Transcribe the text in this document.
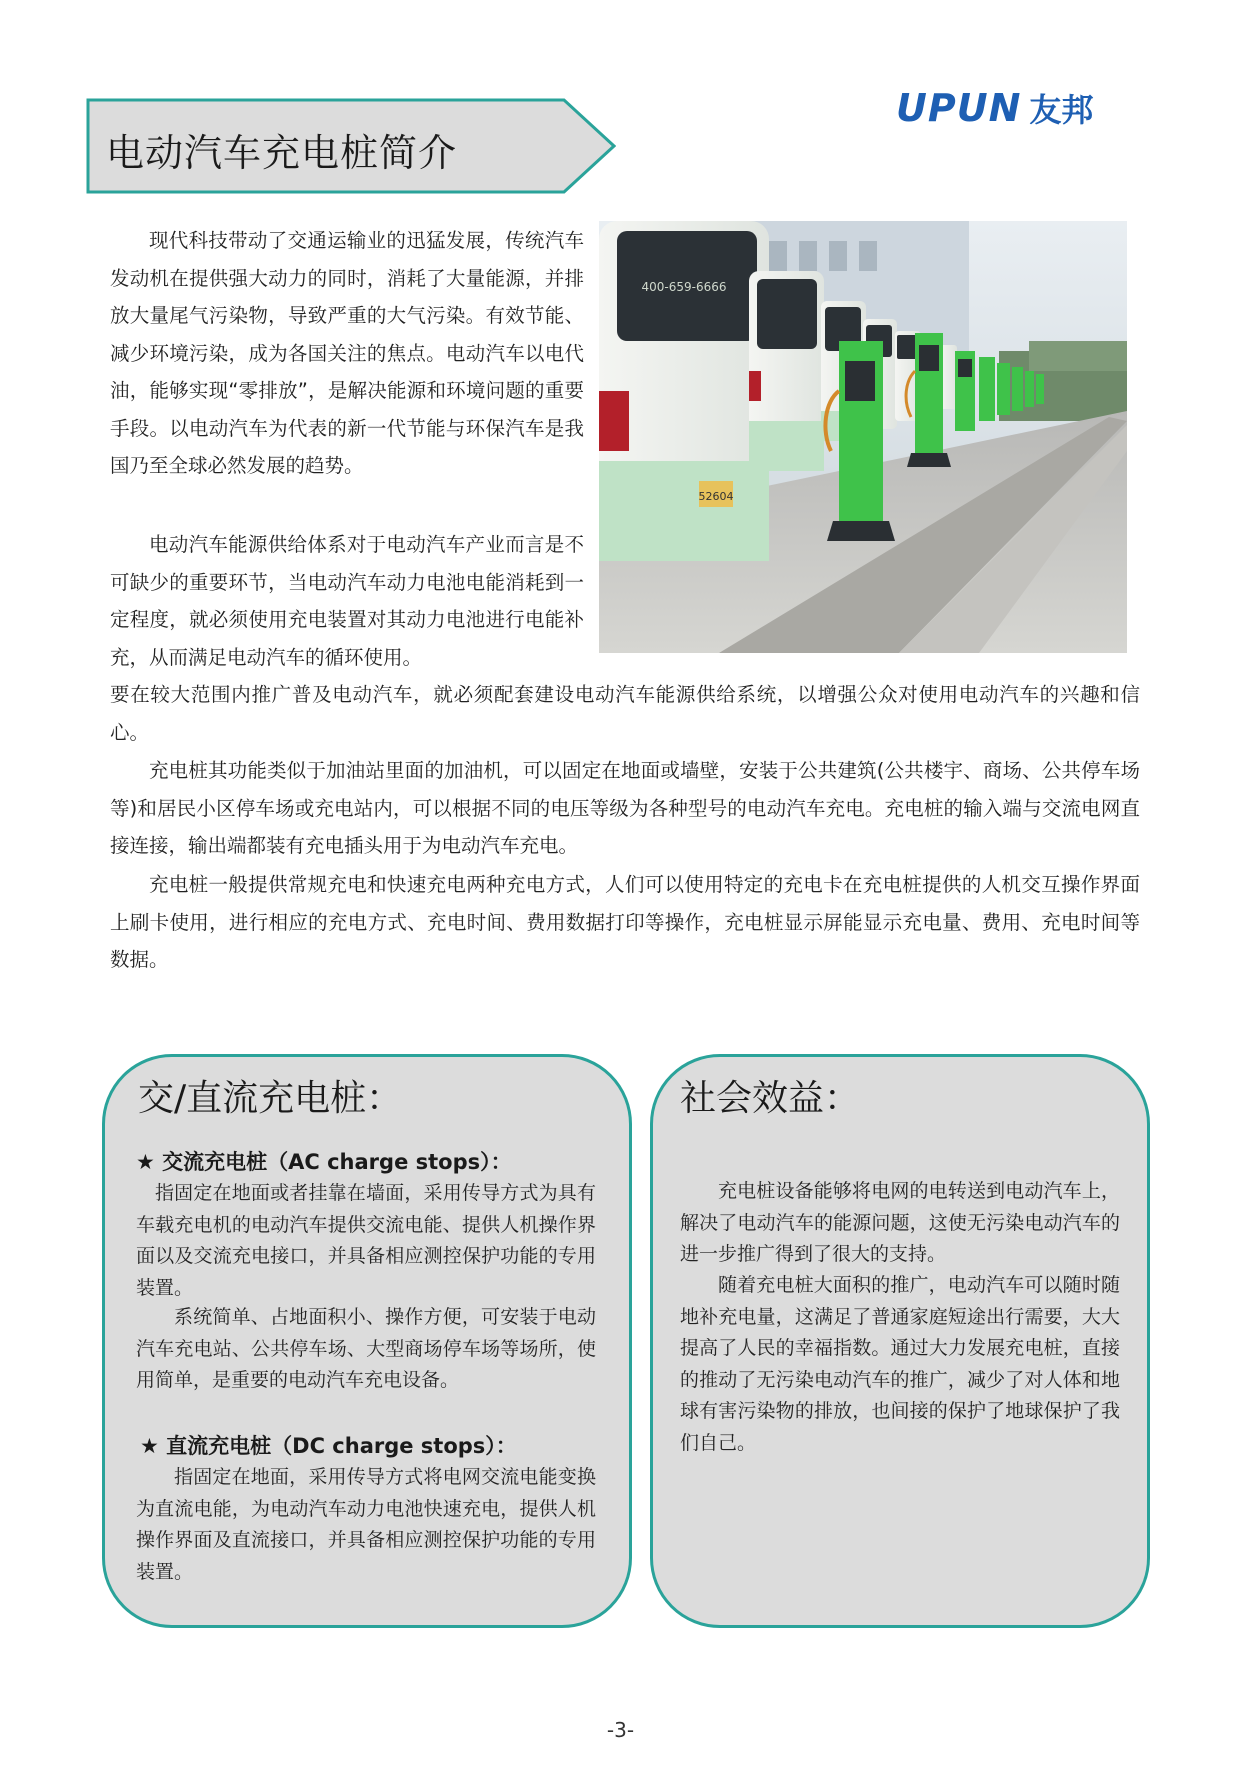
电动汽车充电桩简介
UPUN 友邦
现代科技带动了交通运输业的迅猛发展，传统汽车发动机在提供强大动力的同时，消耗了大量能源，并排放大量尾气污染物，导致严重的大气污染。有效节能、减少环境污染，成为各国关注的焦点。电动汽车以电代油，能够实现“零排放”，是解决能源和环境问题的重要手段。以电动汽车为代表的新一代节能与环保汽车是我国乃至全球必然发展的趋势。
电动汽车能源供给体系对于电动汽车产业而言是不可缺少的重要环节，当电动汽车动力电池电能消耗到一定程度，就必须使用充电装置对其动力电池进行电能补充，从而满足电动汽车的循环使用。
要在较大范围内推广普及电动汽车，就必须配套建设电动汽车能源供给系统，以增强公众对使用电动汽车的兴趣和信心。
充电桩其功能类似于加油站里面的加油机，可以固定在地面或墙壁，安装于公共建筑(公共楼宇、商场、公共停车场等)和居民小区停车场或充电站内，可以根据不同的电压等级为各种型号的电动汽车充电。充电桩的输入端与交流电网直接连接，输出端都装有充电插头用于为电动汽车充电。
充电桩一般提供常规充电和快速充电两种充电方式，人们可以使用特定的充电卡在充电桩提供的人机交互操作界面上刷卡使用，进行相应的充电方式、充电时间、费用数据打印等操作，充电桩显示屏能显示充电量、费用、充电时间等数据。
52604
400-659-6666
交/直流充电桩：
★ 交流充电桩（AC charge stops）：
指固定在地面或者挂靠在墙面，采用传导方式为具有车载充电机的电动汽车提供交流电能、提供人机操作界面以及交流充电接口，并具备相应测控保护功能的专用装置。
系统简单、占地面积小、操作方便，可安装于电动汽车充电站、公共停车场、大型商场停车场等场所，使用简单，是重要的电动汽车充电设备。
★ 直流充电桩（DC charge stops）：
指固定在地面，采用传导方式将电网交流电能变换为直流电能，为电动汽车动力电池快速充电，提供人机操作界面及直流接口，并具备相应测控保护功能的专用装置。
社会效益：
充电桩设备能够将电网的电转送到电动汽车上，解决了电动汽车的能源问题，这使无污染电动汽车的进一步推广得到了很大的支持。
随着充电桩大面积的推广，电动汽车可以随时随地补充电量，这满足了普通家庭短途出行需要，大大提高了人民的幸福指数。通过大力发展充电桩，直接的推动了无污染电动汽车的推广，减少了对人体和地球有害污染物的排放，也间接的保护了地球保护了我们自己。
-3-
